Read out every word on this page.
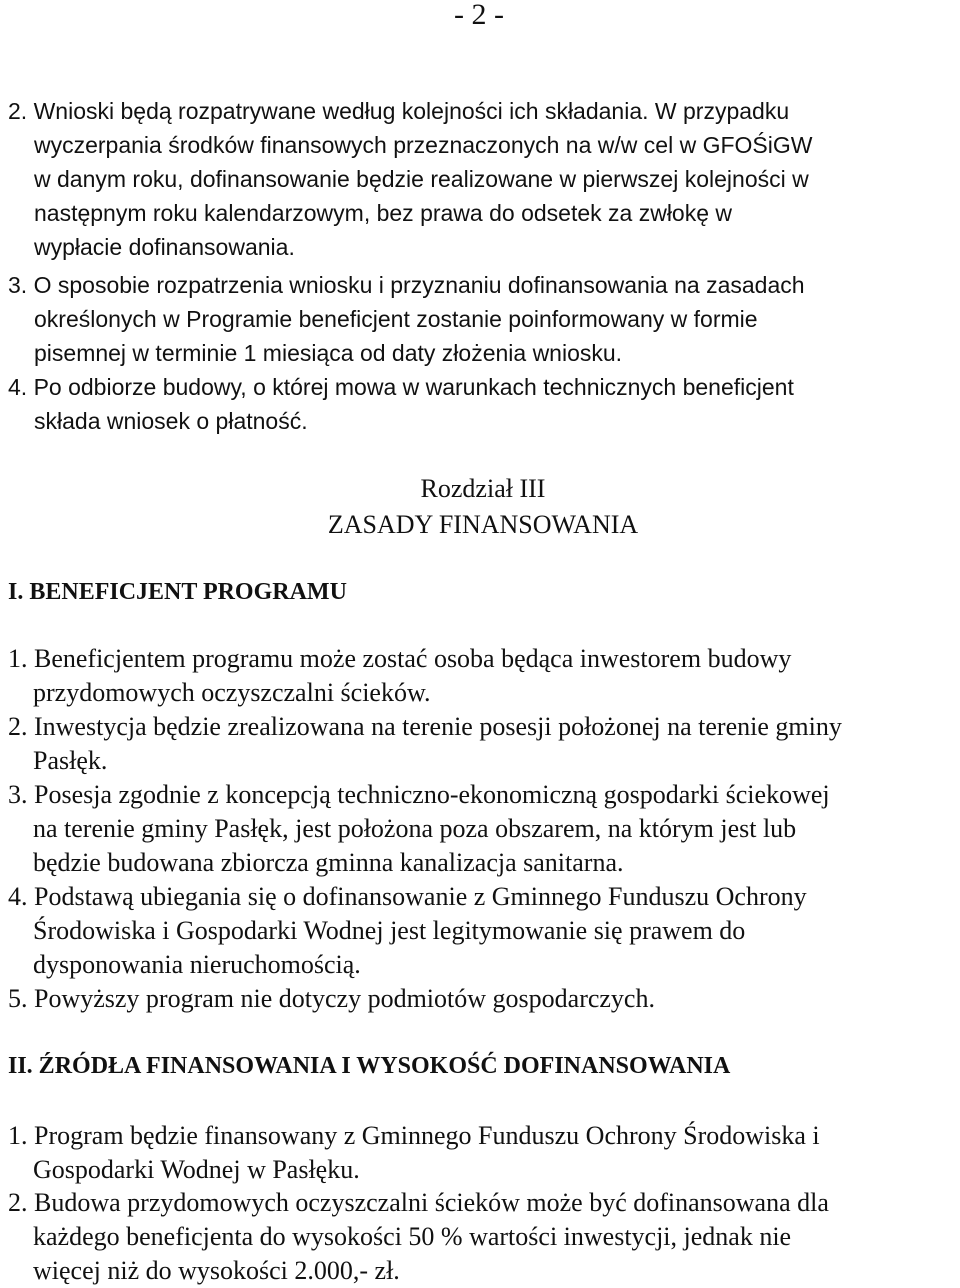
- 2 -
2. Wnioski będą rozpatrywane według kolejności ich składania. W przypadku
wyczerpania środków finansowych przeznaczonych na w/w cel w GFOŚiGW
w danym roku, dofinansowanie będzie realizowane w pierwszej kolejności w
następnym roku kalendarzowym, bez prawa do odsetek za zwłokę w
wypłacie dofinansowania.
3. O sposobie rozpatrzenia wniosku i przyznaniu dofinansowania na zasadach
określonych w Programie beneficjent zostanie poinformowany w formie
pisemnej w terminie 1 miesiąca od daty złożenia wniosku.
4. Po odbiorze budowy, o której mowa w warunkach technicznych beneficjent
składa wniosek o płatność.
Rozdział III
ZASADY FINANSOWANIA
I. BENEFICJENT PROGRAMU
1. Beneficjentem programu może zostać osoba będąca inwestorem budowy
przydomowych oczyszczalni ścieków.
2. Inwestycja będzie zrealizowana na terenie posesji położonej na terenie gminy
Pasłęk.
3. Posesja zgodnie z koncepcją techniczno-ekonomiczną gospodarki ściekowej
na terenie gminy Pasłęk, jest położona poza obszarem, na którym jest lub
będzie budowana zbiorcza gminna kanalizacja sanitarna.
4. Podstawą ubiegania się o dofinansowanie z Gminnego Funduszu Ochrony
Środowiska i Gospodarki Wodnej jest legitymowanie się prawem do
dysponowania nieruchomością.
5. Powyższy program nie dotyczy podmiotów gospodarczych.
II. ŹRÓDŁA FINANSOWANIA I WYSOKOŚĆ DOFINANSOWANIA
1. Program będzie finansowany z Gminnego Funduszu Ochrony Środowiska i
Gospodarki Wodnej w Pasłęku.
2. Budowa przydomowych oczyszczalni ścieków może być dofinansowana dla
każdego beneficjenta do wysokości 50 % wartości inwestycji, jednak nie
więcej niż do wysokości 2.000,- zł.
